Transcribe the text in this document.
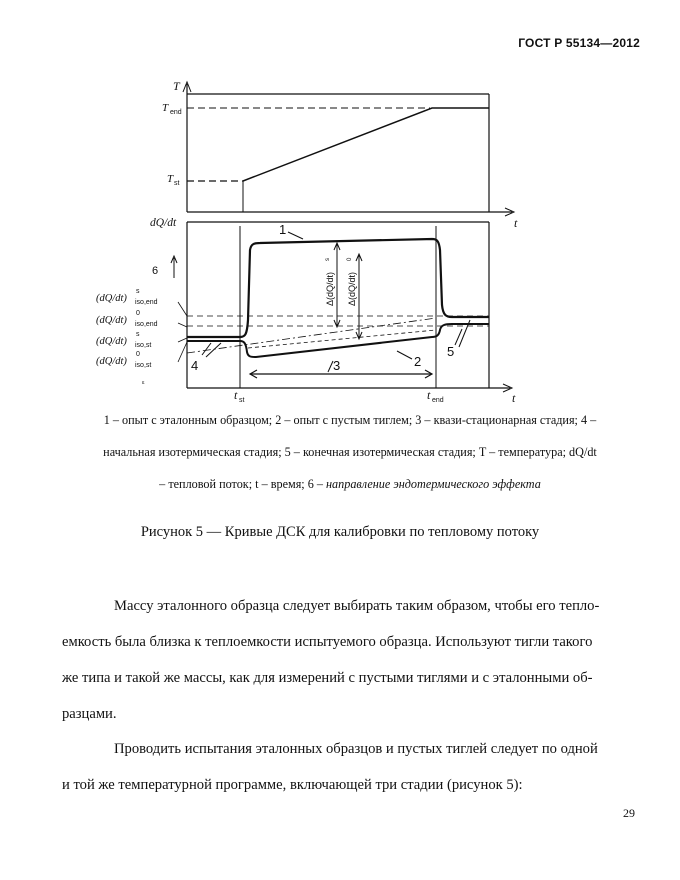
ГОСТ Р 55134—2012
T
t
T end
T st
dQ/dt
t
6
t st	t end
ᵋ
(dQ/dt)
s
iso,end
(dQ/dt)
0
iso,end
(dQ/dt)
s
iso,st
(dQ/dt)
0
iso,st
Δ(dQ/dt)
s
Δ(dQ/dt)
0
1
2
3
4
5
1 – опыт с эталонным образцом; 2 – опыт с пустым тиглем; 3 – квази-стационарная стадия; 4 –
начальная изотермическая стадия; 5 – конечная изотермическая стадия; T – температура; dQ/dt
– тепловой поток; t – время; 6 – направление эндотермического эффекта
Рисунок 5 — Кривые ДСК для калибровки по тепловому потоку
Массу эталонного образца следует выбирать таким образом, чтобы его тепло-
емкость была близка к теплоемкости испытуемого образца. Используют тигли такого
же типа и такой же массы, как для измерений с пустыми тиглями и с эталонными об-
разцами.
Проводить испытания эталонных образцов и пустых тиглей следует по одной
и той же температурной программе, включающей три стадии (рисунок 5):
29
